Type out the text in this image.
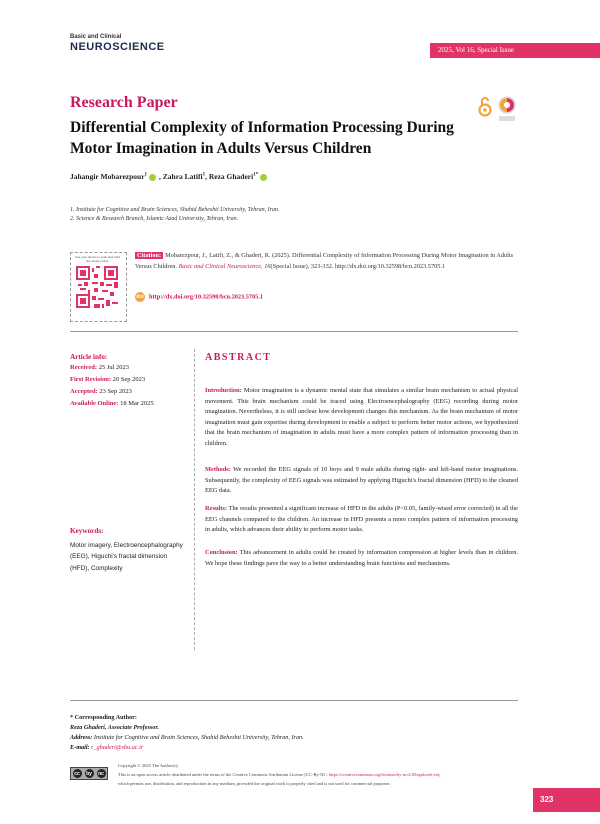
Basic and Clinical
NEUROSCIENCE	2025, Vol 16, Special Issue
Research Paper
Differential Complexity of Information Processing During Motor Imagination in Adults Versus Children
Jahangir Mobarezpour$^1$ , Zahra Latifi$^1$, Reza Ghaderi$^{1*}$
1. Institute for Cognitive and Brain Sciences, Shahid Beheshti University, Tehran, Iran.
2. Science & Research Branch, Islamic Azad University, Tehran, Iran.
Use your device to scan and read the article online
Citation: Mobarezpour, J., Latifi, Z., & Ghaderi, R. (2025). Differential Complexity of Information Processing During Motor Imagination in Adults Versus Children. Basic and Clinical Neuroscience, 16(Special Issue), 323-332. http://dx.doi.org/10.32598/bcn.2023.5705.1
doi http://dx.doi.org/10.32598/bcn.2023.5705.1
Article info:
Received: 25 Jul 2023
First Revision: 20 Sep 2023
Accepted: 23 Sep 2023
Available Online: 18 Mar 2025
Keywords:
Motor imagery, Electroencephalography (EEG), Higuchi's fractal dimension (HFD), Complexity
ABSTRACT
Introduction: Motor imagination is a dynamic mental state that simulates a similar brain mechanism to actual physical movement. This brain mechanism could be traced using Electroencephalography (EEG) recording during motor imagination. Nevertheless, it is still unclear how development changes this mechanism. As the brain mechanism of motor imagination must gain expertise during development to enable a subject to perform better motor actions, we hypothesized that the brain mechanism of imagination in adults must have a more complex pattern of information processing than in children.
Methods: We recorded the EEG signals of 10 boys and 9 male adults during right- and left-hand motor imaginations. Subsequently, the complexity of EEG signals was estimated by applying Higuchi's fractal dimension (HFD) to the cleaned EEG data.
Results: The results presented a significant increase of HFD in the adults (P<0.05, family-wised error corrected) in all the EEG channels compared to the children. An increase in HFD presents a more complex pattern of information processing in adults, which advances their ability to perform motor tasks.
Conclusion: This advancement in adults could be created by information compression at higher levels than in children. We hope these findings pave the way to a better understanding brain functions and mechanisms.
* Corresponding Author:
Reza Ghaderi, Associate Professor.
Address: Institute for Cognitive and Brain Sciences, Shahid Beheshti University, Tehran, Iran.
E-mail: r_ghaderi@sbu.ac.ir
cc	by	nc
Copyright © 2025 The Author(s);
This is an open access article distributed under the terms of the Creative Commons Attribution License (CC-By-NC: https://creativecommons.org/licenses/by-nc/4.0/legalcode.en),
which permits use, distribution, and reproduction in any medium, provided the original work is properly cited and is not used for commercial purposes.
323
